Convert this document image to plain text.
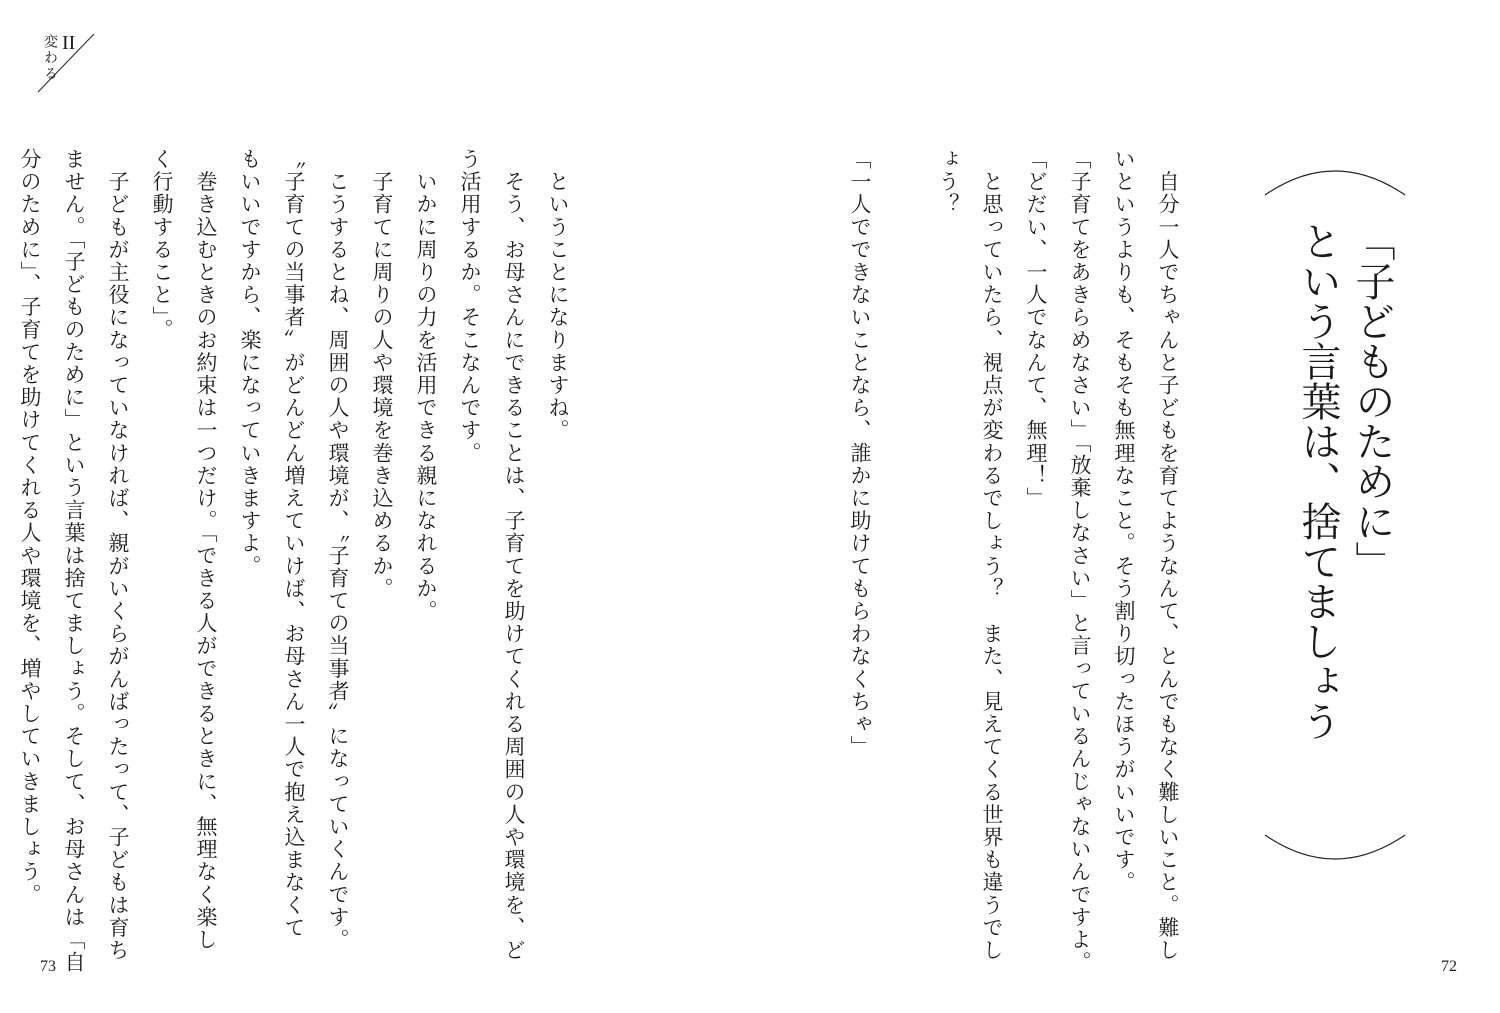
変わる II
「子どものために」
という言葉は、捨てましょう
　自分一人でちゃんと子どもを育てようなんて、とんでもなく難しいこと。難し
いというよりも、そもそも無理なこと。そう割り切ったほうがいいです。
「子育てをあきらめなさい」「放棄しなさい」と言っているんじゃないんですよ。
「どだい、一人でなんて、無理！」
　と思っていたら、視点が変わるでしょう？　また、見えてくる世界も違うでし
ょう？
「一人でできないことなら、誰かに助けてもらわなくちゃ」
　ということになりますね。
　そう、お母さんにできることは、子育てを助けてくれる周囲の人や環境を、ど
う活用するか。そこなんです。
　いかに周りの力を活用できる親になれるか。
　子育てに周りの人や環境を巻き込めるか。
　こうするとね、周囲の人や環境が、〝子育ての当事者〟になっていくんです。
〝子育ての当事者〟がどんどん増えていけば、お母さん一人で抱え込まなくて
もいいですから、楽になっていきますよ。
　巻き込むときのお約束は一つだけ。「できる人ができるときに、無理なく楽し
く行動すること」。
　子どもが主役になっていなければ、親がいくらがんばったって、子どもは育ち
ません。「子どものために」という言葉は捨てましょう。そして、お母さんは「自
分のために」、子育てを助けてくれる人や環境を、増やしていきましょう。
72
73
